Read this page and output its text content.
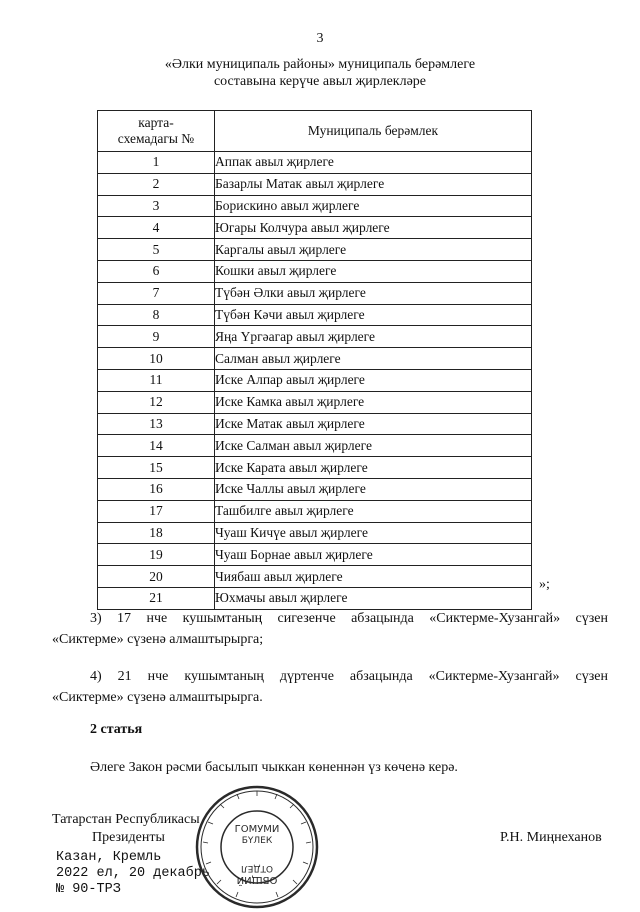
3
«Әлки муниципаль районы» муниципаль берәмлеге
составына керүче авыл җирлекләре
карта-
схемадагы №	Муниципаль берәмлек
1	Аппак авыл җирлеге
2	Базарлы Матак авыл җирлеге
3	Борискино авыл җирлеге
4	Югары Колчура авыл җирлеге
5	Каргалы авыл җирлеге
6	Кошки авыл җирлеге
7	Түбән Әлки авыл җирлеге
8	Түбән Кәчи авыл җирлеге
9	Яңа Үргәагар авыл җирлеге
10	Салман авыл җирлеге
11	Иске Алпар авыл җирлеге
12	Иске Камка авыл җирлеге
13	Иске Матак авыл җирлеге
14	Иске Салман авыл җирлеге
15	Иске Карата авыл җирлеге
16	Иске Чаллы авыл җирлеге
17	Ташбилге авыл җирлеге
18	Чуаш Кичүе авыл җирлеге
19	Чуаш Борнае авыл җирлеге
20	Чиябаш авыл җирлеге
21	Юхмачы авыл җирлеге
»;
3) 17 нче кушымтаның сигезенче абзацында «Сиктерме-Хузангай» сүзен
«Сиктерме» сүзенә алмаштырырга;
4) 21 нче кушымтаның дүртенче абзацында «Сиктерме-Хузангай» сүзен
«Сиктерме» сүзенә алмаштырырга.
2 статья
Әлеге Закон рәсми басылып чыккан көненнән үз көченә керә.
Татарстан Республикасы
Президенты	Р.Н. Миңнеханов
Казан, Кремль
2022 ел, 20 декабрь
№ 90-ТРЗ
ГОМУМИ
БҮЛЕК
ОТДЕЛ
ОБЩИЙ
